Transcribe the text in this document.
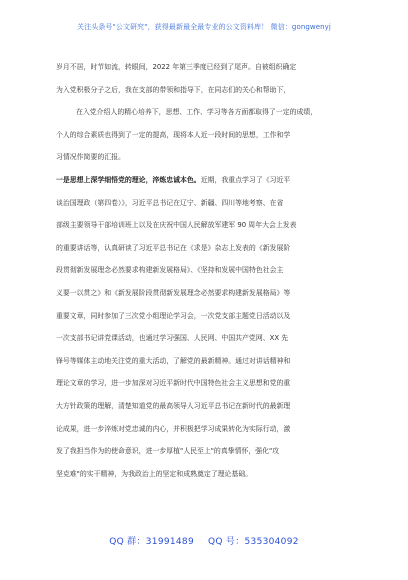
关注头条号"公文研究"，获得最新最全最专业的公文资料库！ 微信：gongwenyj
岁月不居，时节如流，转眼间，2022 年第三季度已经到了尾声。自被组织确定
为入党积极分子之后，我在支部的带领和指导下，在同志们的关心和帮助下，
在入党介绍人的精心培养下，思想、工作、学习等各方面都取得了一定的成绩，
个人的综合素质也得到了一定的提高，现将本人近一段时间的思想，工作和学
习情况作简要的汇报。
一是思想上深学细悟党的理论，淬炼忠诚本色。近期，我重点学习了《习近平
谈治国理政（第四卷）》，习近平总书记在辽宁、新疆、四川等地考察、在省
部级主要领导干部培训班上以及在庆祝中国人民解放军建军 90 周年大会上发表
的重要讲话等，认真研读了习近平总书记在《求是》杂志上发表的《新发展阶
段贯彻新发展理念必然要求构建新发展格局》、《坚持和发展中国特色社会主
义要一以贯之》和《新发展阶段贯彻新发展理念必然要求构建新发展格局》等
重要文章，同时参加了三次党小组理论学习会，一次党支部主题党日活动以及
一次支部书记讲党课活动，也通过学习强国、人民网、中国共产党网、XX 先
锋号等媒体主动地关注党的重大活动，了解党的最新精神。通过对讲话精神和
理论文章的学习，进一步加深对习近平新时代中国特色社会主义思想和党的重
大方针政策的理解，清楚知道党的最高领导人习近平总书记在新时代的最新理
论成果，进一步淬炼对党忠诚的内心，并积极把学习成果转化为实际行动，激
发了我担当作为的使命意识，进一步厚植"人民至上"的真挚情怀，强化"攻
坚克难"的实干精神，为我政治上的坚定和成熟奠定了理论基础。
QQ 群：31991489 QQ 号：535304092
